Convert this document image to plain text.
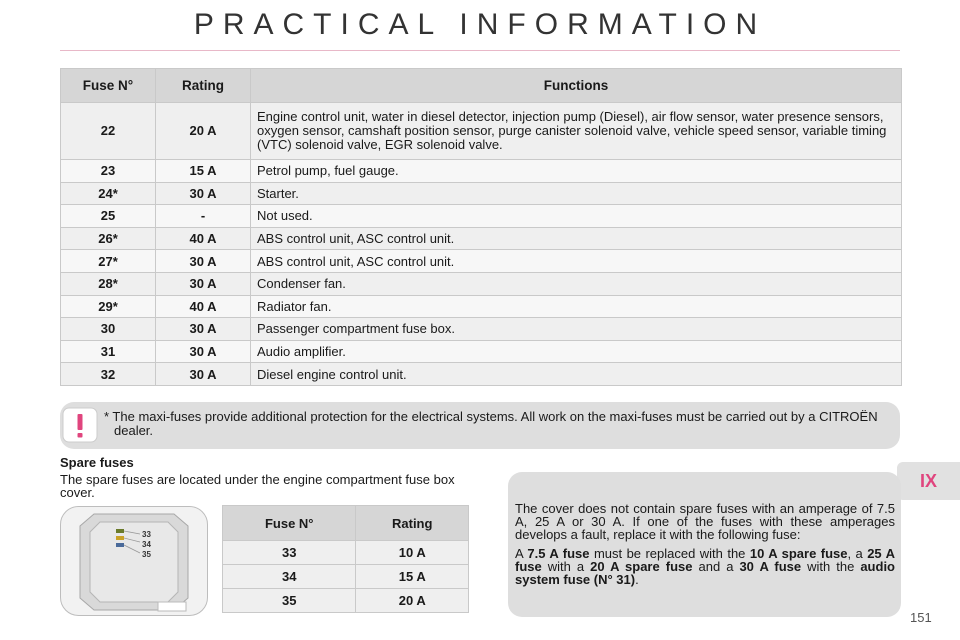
PRACTICAL INFORMATION
Fuse N°	Rating	Functions
22	20 A	Engine control unit, water in diesel detector, injection pump (Diesel), air flow sensor, water presence sensors, oxygen sensor, camshaft position sensor, purge canister solenoid valve, vehicle speed sensor, variable timing (VTC) solenoid valve, EGR solenoid valve.
23	15 A	Petrol pump, fuel gauge.
24*	30 A	Starter.
25	-	Not used.
26*	40 A	ABS control unit, ASC control unit.
27*	30 A	ABS control unit, ASC control unit.
28*	30 A	Condenser fan.
29*	40 A	Radiator fan.
30	30 A	Passenger compartment fuse box.
31	30 A	Audio amplifier.
32	30 A	Diesel engine control unit.
* The maxi-fuses provide additional protection for the electrical systems. All work on the maxi-fuses must be carried out by a CITROËN dealer.
IX
Spare fuses
The spare fuses are located under the engine compartment fuse box cover.
33
34
35
Fuse N°	Rating
33	10 A
34	15 A
35	20 A

The cover does not contain spare fuses with an amperage of 7.5 A, 25 A or 30 A. If one of the fuses with these amperages develops a fault, replace it with the following fuse:

A 7.5 A fuse must be replaced with the 10 A spare fuse, a 25 A fuse with a 20 A spare fuse and a 30 A fuse with the audio system fuse (N° 31).

151
